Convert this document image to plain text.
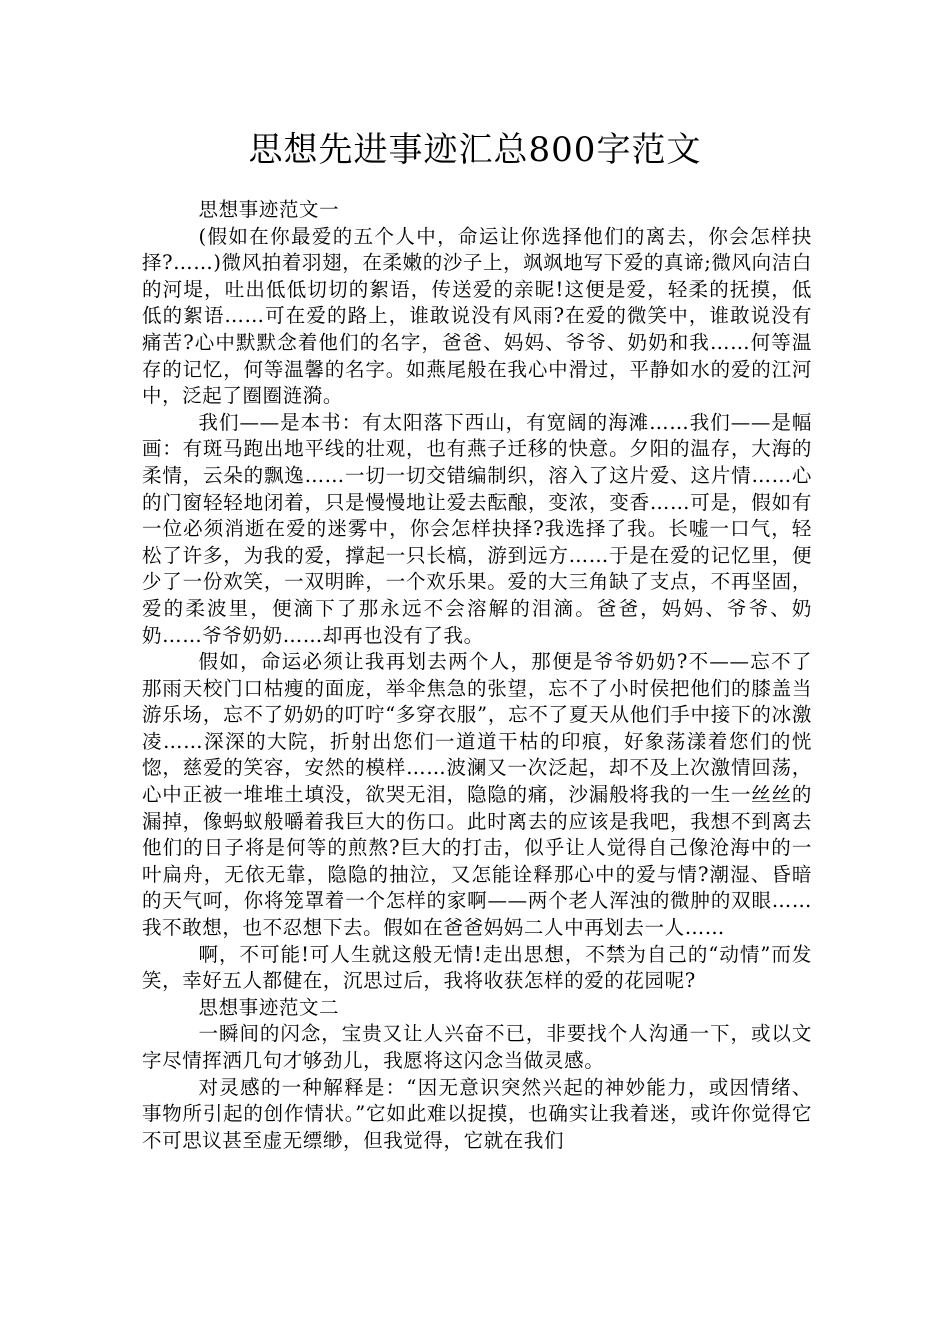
思想先进事迹汇总800字范文

思想事迹范文一

(假如在你最爱的五个人中，命运让你选择他们的离去，你会怎样抉择?……)微风拍着羽翅，在柔嫩的沙子上，飒飒地写下爱的真谛;微风向洁白的河堤，吐出低低切切的絮语，传送爱的亲昵!这便是爱，轻柔的抚摸，低低的絮语……可在爱的路上，谁敢说没有风雨?在爱的微笑中，谁敢说没有痛苦?心中默默念着他们的名字，爸爸、妈妈、爷爷、奶奶和我……何等温存的记忆，何等温馨的名字。如燕尾般在我心中滑过，平静如水的爱的江河中，泛起了圈圈涟漪。

我们——是本书：有太阳落下西山，有宽阔的海滩……我们——是幅画：有斑马跑出地平线的壮观，也有燕子迁移的快意。夕阳的温存，大海的柔情，云朵的飘逸……一切一切交错编制织，溶入了这片爱、这片情……心的门窗轻轻地闭着，只是慢慢地让爱去酝酿，变浓，变香……可是，假如有一位必须消逝在爱的迷雾中，你会怎样抉择?我选择了我。长嘘一口气，轻松了许多，为我的爱，撑起一只长槁，游到远方……于是在爱的记忆里，便少了一份欢笑，一双明眸，一个欢乐果。爱的大三角缺了支点，不再坚固，爱的柔波里，便滴下了那永远不会溶解的泪滴。爸爸，妈妈、爷爷、奶奶……爷爷奶奶……却再也没有了我。

假如，命运必须让我再划去两个人，那便是爷爷奶奶?不——忘不了那雨天校门口枯瘦的面庞，举伞焦急的张望，忘不了小时侯把他们的膝盖当游乐场，忘不了奶奶的叮咛“多穿衣服”，忘不了夏天从他们手中接下的冰激凌……深深的大院，折射出您们一道道干枯的印痕，好象荡漾着您们的恍惚，慈爱的笑容，安然的模样……波澜又一次泛起，却不及上次激情回荡，心中正被一堆堆土填没，欲哭无泪，隐隐的痛，沙漏般将我的一生一丝丝的漏掉，像蚂蚁般嚼着我巨大的伤口。此时离去的应该是我吧，我想不到离去他们的日子将是何等的煎熬?巨大的打击，似乎让人觉得自己像沧海中的一叶扁舟，无依无靠，隐隐的抽泣，又怎能诠释那心中的爱与情?潮湿、昏暗的天气呵，你将笼罩着一个怎样的家啊——两个老人浑浊的微肿的双眼……我不敢想，也不忍想下去。假如在爸爸妈妈二人中再划去一人……

啊，不可能!可人生就这般无情!走出思想，不禁为自己的“动情”而发笑，幸好五人都健在，沉思过后，我将收获怎样的爱的花园呢?

思想事迹范文二

一瞬间的闪念，宝贵又让人兴奋不已，非要找个人沟通一下，或以文字尽情挥洒几句才够劲儿，我愿将这闪念当做灵感。

对灵感的一种解释是：“因无意识突然兴起的神妙能力，或因情绪、事物所引起的创作情状。”它如此难以捉摸，也确实让我着迷，或许你觉得它不可思议甚至虚无缥缈，但我觉得，它就在我们
